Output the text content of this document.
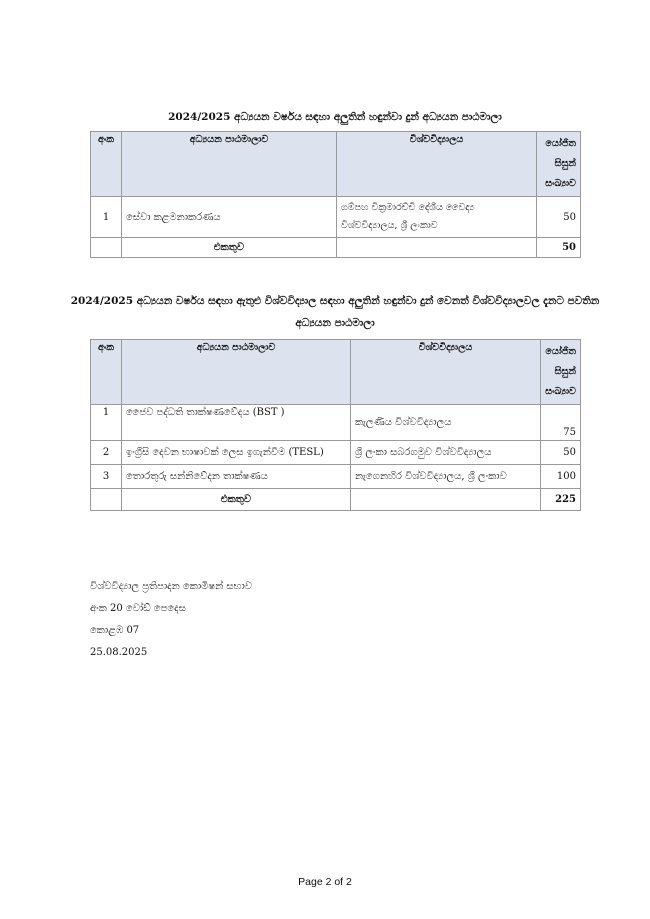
2024/2025 අධ්‍යයන වර්ෂය සඳහා අලුතින් හඳුන්වා දුන් අධ්‍යයන පාඨමාලා
අංක	අධ්‍යයන පාඨමාලාව	විශ්වවිද්‍යාලය	යෝජිත සිසුන් සංඛ්‍යාව
1	සේවා කළමනාකරණය	ගම්පහ වික්‍රමාරච්චි දේශීය වෛද්‍ය විශ්වවිද්‍යාලය, ශ්‍රී ලංකාව	50
	එකතුව		50
2024/2025 අධ්‍යයන වර්ෂය සඳහා ඇතුළු විශ්වවිද්‍යාල සඳහා අලුතින් හඳුන්වා දුන් වෙනත් විශ්වවිද්‍යාලවල දැනට පවතින අධ්‍යයන පාඨමාලා
අංක	අධ්‍යයන පාඨමාලාව	විශ්වවිද්‍යාලය	යෝජිත සිසුන් සංඛ්‍යාව
1	ජෛව පද්ධති තාක්ෂණවේදය (BST )	කැලණිය විශ්වවිද්‍යාලය	75
2	ඉංග්‍රීසි දෙවන භාෂාවක් ලෙස ඉගැන්වීම (TESL)	ශ්‍රී ලංකා සබරගමුව විශ්වවිද්‍යාලය	50
3	තොරතුරු සන්නිවේදන තාක්ෂණය	නැගෙනහිර විශ්වවිද්‍යාලය, ශ්‍රී ලංකාව	100
	එකතුව		225
විශ්වවිද්‍යාල ප්‍රතිපාදන කොමිෂන් සභාව
අංක 20 වෝඩ් පෙදෙස
කොළඹ 07
25.08.2025
Page 2 of 2
